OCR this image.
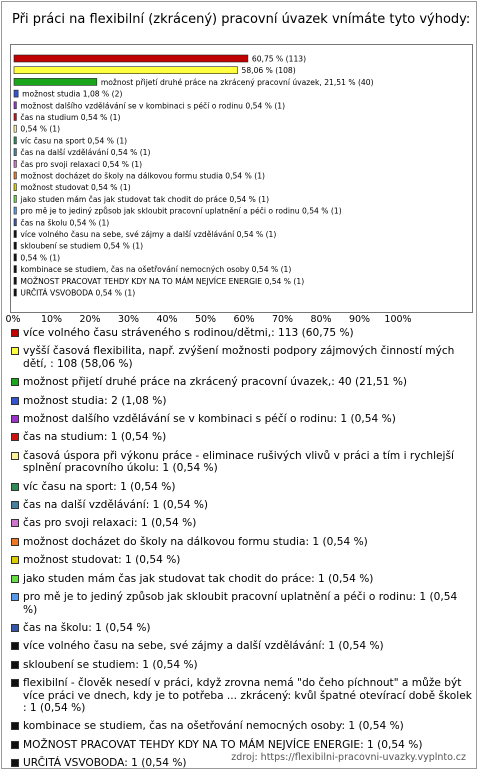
Při práci na flexibilní (zkrácený) pracovní úvazek vnímáte tyto výhody:
60,75 % (113)
58,06 % (108)
možnost přijetí druhé práce na zkrácený pracovní úvazek, 21,51 % (40)
možnost studia 1,08 % (2)
možnost dalšího vzdělávání se v kombinaci s péčí o rodinu 0,54 % (1)
čas na studium 0,54 % (1)
0,54 % (1)
víc času na sport 0,54 % (1)
čas na další vzdělávání 0,54 % (1)
čas pro svoji relaxaci 0,54 % (1)
možnost docházet do školy na dálkovou formu studia 0,54 % (1)
možnost studovat 0,54 % (1)
jako studen mám čas jak studovat tak chodit do práce 0,54 % (1)
pro mě je to jediný způsob jak skloubit pracovní uplatnění a péči o rodinu 0,54 % (1)
čas na školu 0,54 % (1)
více volného času na sebe, své zájmy a další vzdělávání 0,54 % (1)
skloubení se studiem 0,54 % (1)
0,54 % (1)
kombinace se studiem, čas na ošetřování nemocných osoby 0,54 % (1)
MOŽNOST PRACOVAT TEHDY KDY NA TO MÁM NEJVÍCE ENERGIE 0,54 % (1)
URČITÁ VSVOBODA 0,54 % (1)
více volného času stráveného s rodinou/dětmi,: 113 (60,75 %)
vyšší časová flexibilita, např. zvýšení možnosti podpory zájmových činností mých dětí, : 108 (58,06 %)
možnost přijetí druhé práce na zkrácený pracovní úvazek,: 40 (21,51 %)
možnost studia: 2 (1,08 %)
možnost dalšího vzdělávání se v kombinaci s péčí o rodinu: 1 (0,54 %)
čas na studium: 1 (0,54 %)
časová úspora při výkonu práce - eliminace rušivých vlivů v práci a tím i rychlejší splnění pracovního úkolu: 1 (0,54 %)
víc času na sport: 1 (0,54 %)
čas na další vzdělávání: 1 (0,54 %)
čas pro svoji relaxaci: 1 (0,54 %)
možnost docházet do školy na dálkovou formu studia: 1 (0,54 %)
možnost studovat: 1 (0,54 %)
jako studen mám čas jak studovat tak chodit do práce: 1 (0,54 %)
pro mě je to jediný způsob jak skloubit pracovní uplatnění a péči o rodinu: 1 (0,54 %)
čas na školu: 1 (0,54 %)
více volného času na sebe, své zájmy a další vzdělávání: 1 (0,54 %)
skloubení se studiem: 1 (0,54 %)
flexibilní - člověk nesedí v práci, když zrovna nemá "do čeho píchnout" a může být více práci ve dnech, kdy je to potřeba ... zkrácený: kvůl špatné otevírací době školek : 1 (0,54 %)
kombinace se studiem, čas na ošetřování nemocných osoby: 1 (0,54 %)
MOŽNOST PRACOVAT TEHDY KDY NA TO MÁM NEJVÍCE ENERGIE: 1 (0,54 %)
URČITÁ VSVOBODA: 1 (0,54 %)	zdroj: https://flexibilni-pracovni-uvazky.vyplnto.cz
0%	10%	20%	30%	40%	50%	60%	70%	80%	90%	100%
